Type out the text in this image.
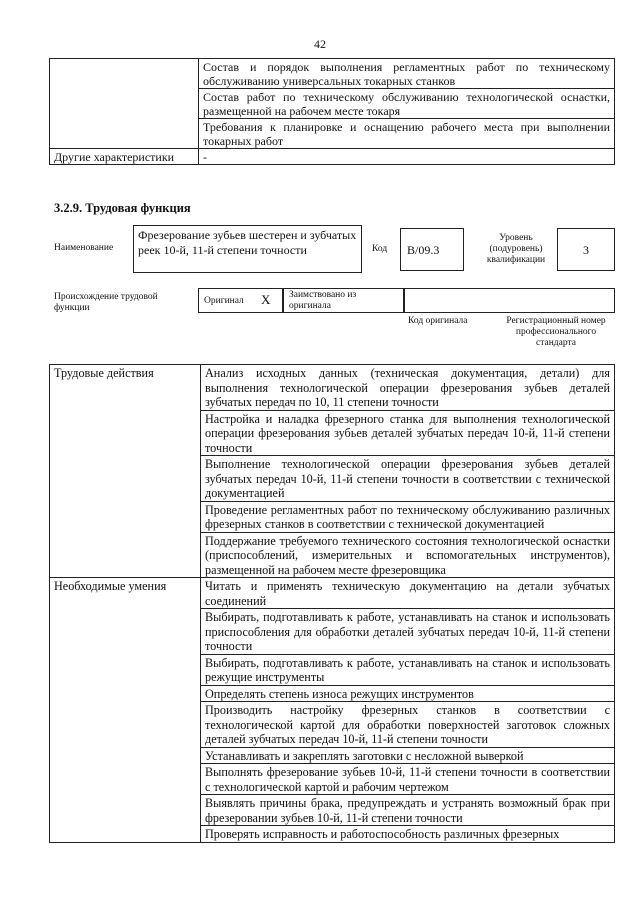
42
	Состав и порядок выполнения регламентных работ по техническому обслуживанию универсальных токарных станков
	Состав работ по техническому обслуживанию технологической оснастки, размещенной на рабочем месте токаря
	Требования к планировке и оснащению рабочего места при выполнении токарных работ
Другие характеристики	-
3.2.9. Трудовая функция
Наименование
Фрезерование зубьев шестерен и зубчатых реек 10-й, 11-й степени точности	Код	В/09.3
Уровень (подуровень) квалификации
3
Происхождение трудовой функции
Оригинал X Заимствовано из оригинала
Код оригинала	Регистрационный номер профессионального стандарта
Трудовые действия	Анализ исходных данных (техническая документация, детали) для выполнения технологической операции фрезерования зубьев деталей зубчатых передач по 10, 11 степени точности
	Настройка и наладка фрезерного станка для выполнения технологической операции фрезерования зубьев деталей зубчатых передач 10-й, 11-й степени точности
	Выполнение технологической операции фрезерования зубьев деталей зубчатых передач 10-й, 11-й степени точности в соответствии с технической документацией
	Проведение регламентных работ по техническому обслуживанию различных фрезерных станков в соответствии с технической документацией
	Поддержание требуемого технического состояния технологической оснастки (приспособлений, измерительных и вспомогательных инструментов), размещенной на рабочем месте фрезеровщика
Необходимые умения	Читать и применять техническую документацию на детали зубчатых соединений
	Выбирать, подготавливать к работе, устанавливать на станок и использовать приспособления для обработки деталей зубчатых передач 10-й, 11-й степени точности
	Выбирать, подготавливать к работе, устанавливать на станок и использовать режущие инструменты
	Определять степень износа режущих инструментов
	Производить настройку фрезерных станков в соответствии с технологической картой для обработки поверхностей заготовок сложных деталей зубчатых передач 10-й, 11-й степени точности
	Устанавливать и закреплять заготовки с несложной выверкой
	Выполнять фрезерование зубьев 10-й, 11-й степени точности в соответствии с технологической картой и рабочим чертежом
	Выявлять причины брака, предупреждать и устранять возможный брак при фрезеровании зубьев 10-й, 11-й степени точности
	Проверять исправность и работоспособность различных фрезерных
